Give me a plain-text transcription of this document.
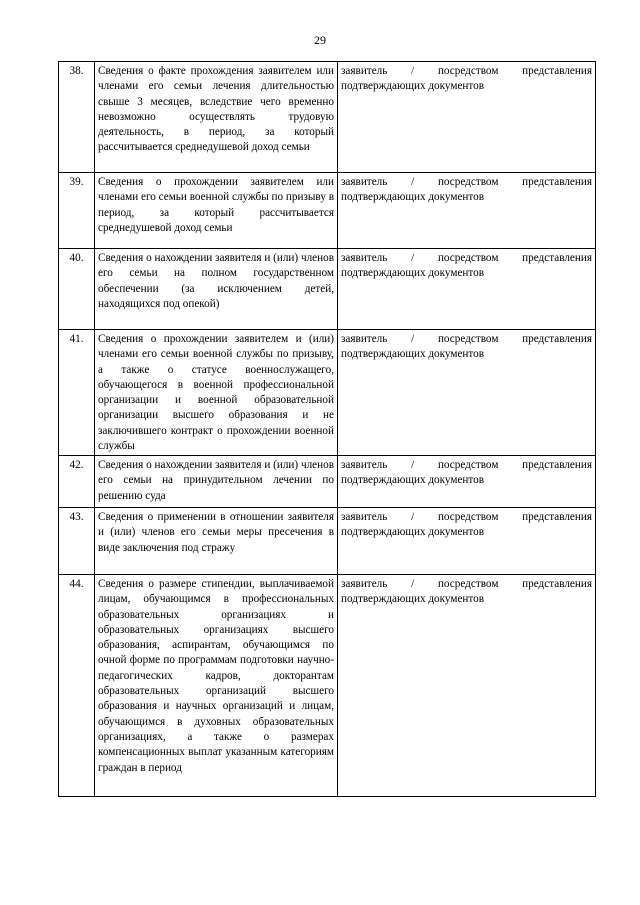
29
38.	Сведения о факте прохождения заявителем или членами его семьи лечения длительностью свыше 3 месяцев, вследствие чего временно невозможно осуществлять трудовую деятельность, в период, за который рассчитывается среднедушевой доход семьи	заявитель / посредством представления подтверждающих документов
39.	Сведения о прохождении заявителем или членами его семьи военной службы по призыву в период, за который рассчитывается среднедушевой доход семьи	заявитель / посредством представления подтверждающих документов
40.	Сведения о нахождении заявителя и (или) членов его семьи на полном государственном обеспечении (за исключением детей, находящихся под опекой)	заявитель / посредством представления подтверждающих документов
41.	Сведения о прохождении заявителем и (или) членами его семьи военной службы по призыву, а также о статусе военнослужащего, обучающегося в военной профессиональной организации и военной образовательной организации высшего образования и не заключившего контракт о прохождении военной службы	заявитель / посредством представления подтверждающих документов
42.	Сведения о нахождении заявителя и (или) членов его семьи на принудительном лечении по решению суда	заявитель / посредством представления подтверждающих документов
43.	Сведения о применении в отношении заявителя и (или) членов его семьи меры пресечения в виде заключения под стражу	заявитель / посредством представления подтверждающих документов
44.	Сведения о размере стипендии, выплачиваемой лицам, обучающимся в профессиональных образовательных организациях и образовательных организациях высшего образования, аспирантам, обучающимся по очной форме по программам подготовки научно-педагогических кадров, докторантам образовательных организаций высшего образования и научных организаций и лицам, обучающимся в духовных образовательных организациях, а также о размерах компенсационных выплат указанным категориям граждан в период	заявитель / посредством представления подтверждающих документов
